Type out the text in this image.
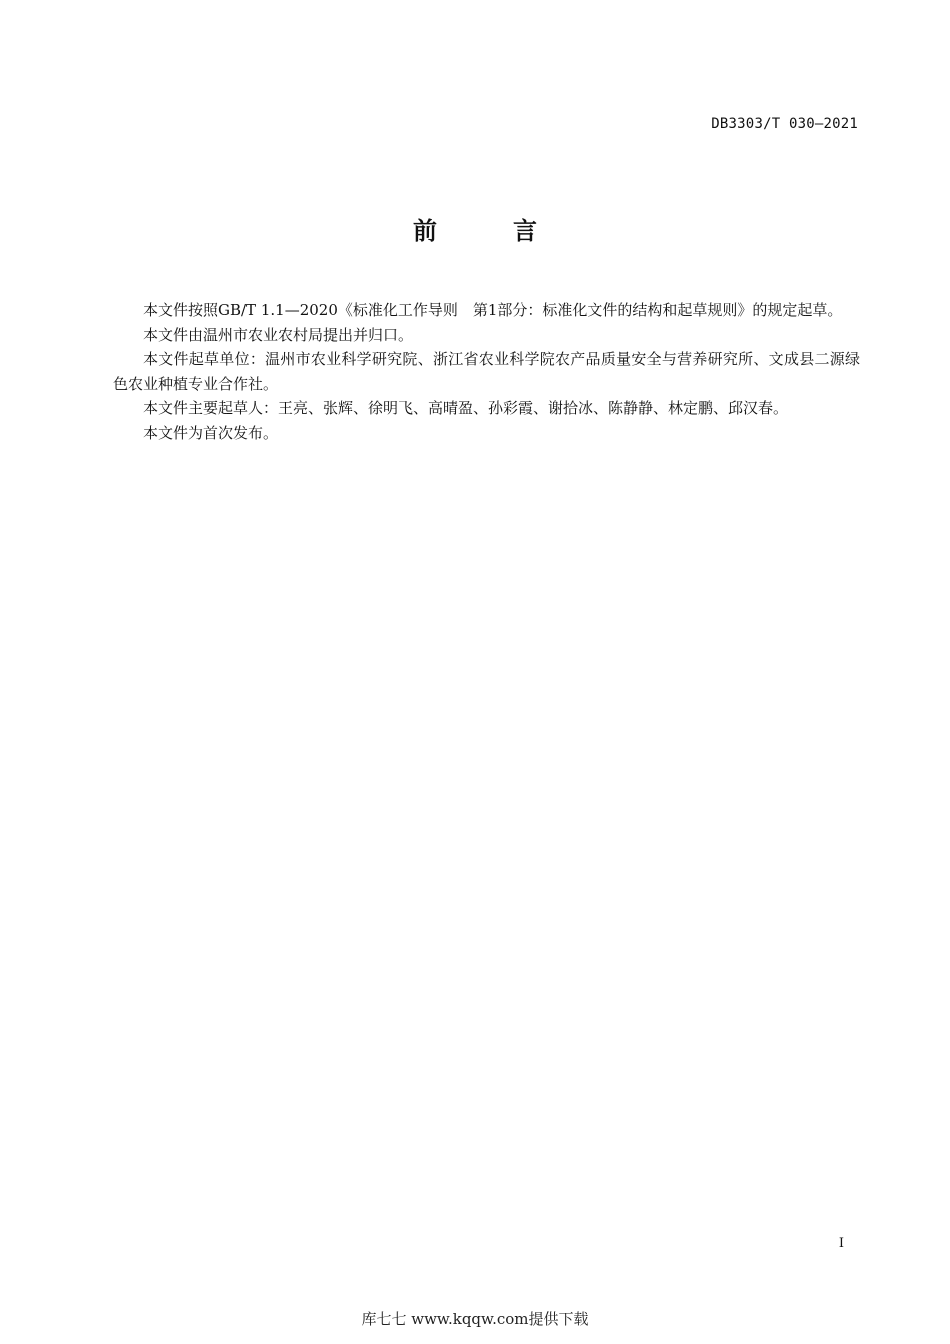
DB3303/T 030—2021
前　言

本文件按照GB/T 1.1—2020《标准化工作导则　第1部分：标准化文件的结构和起草规则》的规定起草。

本文件由温州市农业农村局提出并归口。

本文件起草单位：温州市农业科学研究院、浙江省农业科学院农产品质量安全与营养研究所、文成县二源绿色农业种植专业合作社。

本文件主要起草人：王亮、张辉、徐明飞、高晴盈、孙彩霞、谢拾冰、陈静静、林定鹏、邱汉春。

本文件为首次发布。

I
库七七 www.kqqw.com提供下载
